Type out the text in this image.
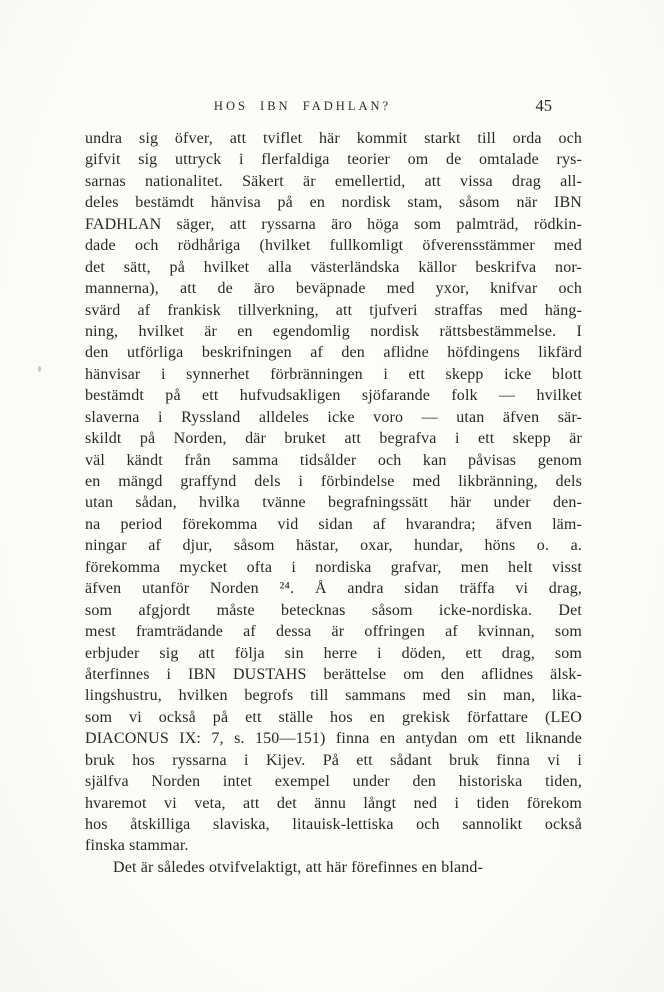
HOS IBN FADHLAN?	45
undra sig öfver, att tviflet här kommit starkt till orda och
gifvit sig uttryck i flerfaldiga teorier om de omtalade rys-
sarnas nationalitet. Säkert är emellertid, att vissa drag all-
deles bestämdt hänvisa på en nordisk stam, såsom när IBN
FADHLAN säger, att ryssarna äro höga som palmträd, rödkin-
dade och rödhåriga (hvilket fullkomligt öfverensstämmer med
det sätt, på hvilket alla västerländska källor beskrifva nor-
mannerna), att de äro beväpnade med yxor, knifvar och
svärd af frankisk tillverkning, att tjufveri straffas med häng-
ning, hvilket är en egendomlig nordisk rättsbestämmelse. I
den utförliga beskrifningen af den aflidne höfdingens likfärd
hänvisar i synnerhet förbränningen i ett skepp icke blott
bestämdt på ett hufvudsakligen sjöfarande folk — hvilket
slaverna i Ryssland alldeles icke voro — utan äfven sär-
skildt på Norden, där bruket att begrafva i ett skepp är
väl kändt från samma tidsålder och kan påvisas genom
en mängd graffynd dels i förbindelse med likbränning, dels
utan sådan, hvilka tvänne begrafningssätt här under den-
na period förekomma vid sidan af hvarandra; äfven läm-
ningar af djur, såsom hästar, oxar, hundar, höns o. a.
förekomma mycket ofta i nordiska grafvar, men helt visst
äfven utanför Norden ²⁴. Å andra sidan träffa vi drag,
som afgjordt måste betecknas såsom icke-nordiska. Det
mest framträdande af dessa är offringen af kvinnan, som
erbjuder sig att följa sin herre i döden, ett drag, som
återfinnes i IBN DUSTAHS berättelse om den aflidnes älsk-
lingshustru, hvilken begrofs till sammans med sin man, lika-
som vi också på ett ställe hos en grekisk författare (LEO
DIACONUS IX: 7, s. 150—151) finna en antydan om ett liknande
bruk hos ryssarna i Kijev. På ett sådant bruk finna vi i
själfva Norden intet exempel under den historiska tiden,
hvaremot vi veta, att det ännu långt ned i tiden förekom
hos åtskilliga slaviska, litauisk-lettiska och sannolikt också
finska stammar.
Det är således otvifvelaktigt, att här förefinnes en bland-
